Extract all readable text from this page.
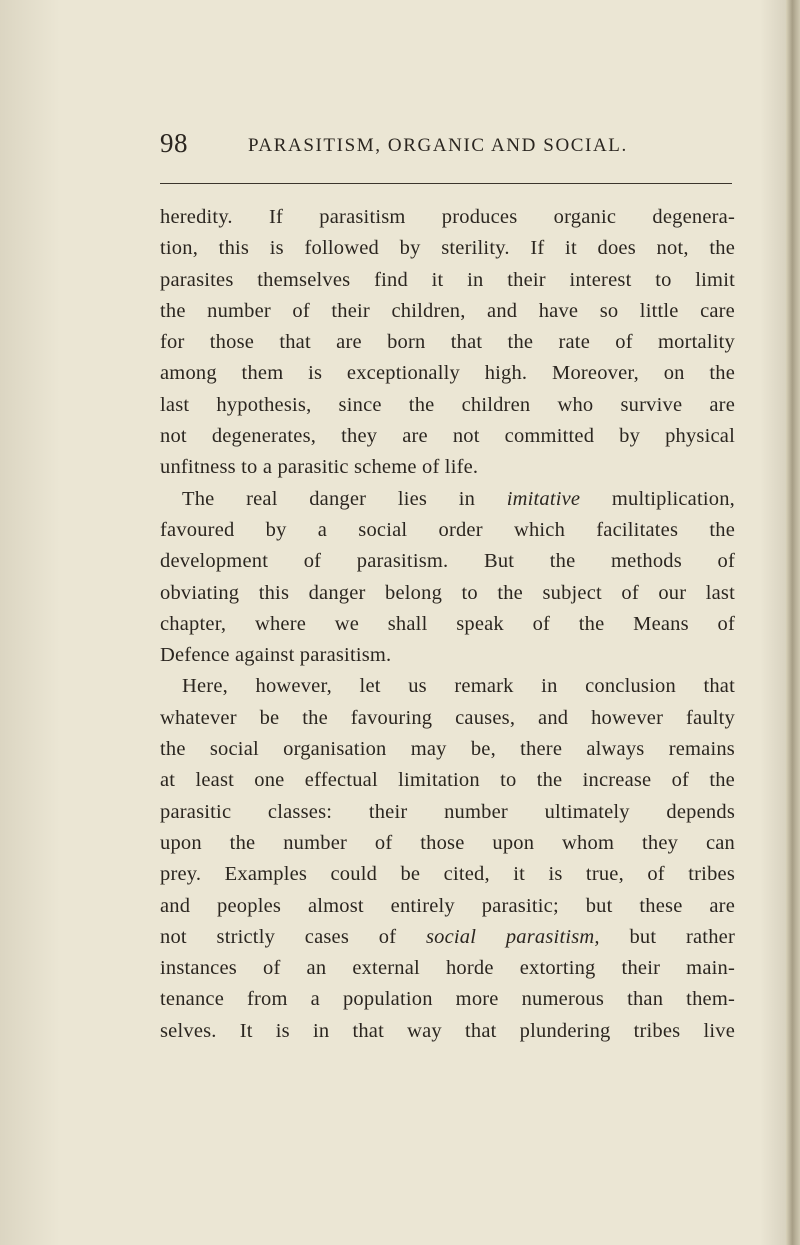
98	PARASITISM, ORGANIC AND SOCIAL.
heredity. If parasitism produces organic degenera-
tion, this is followed by sterility. If it does not, the
parasites themselves find it in their interest to limit
the number of their children, and have so little care
for those that are born that the rate of mortality
among them is exceptionally high. Moreover, on the
last hypothesis, since the children who survive are
not degenerates, they are not committed by physical
unfitness to a parasitic scheme of life.
The real danger lies in imitative multiplication,
favoured by a social order which facilitates the
development of parasitism. But the methods of
obviating this danger belong to the subject of our last
chapter, where we shall speak of the Means of
Defence against parasitism.
Here, however, let us remark in conclusion that
whatever be the favouring causes, and however faulty
the social organisation may be, there always remains
at least one effectual limitation to the increase of the
parasitic classes: their number ultimately depends
upon the number of those upon whom they can
prey. Examples could be cited, it is true, of tribes
and peoples almost entirely parasitic; but these are
not strictly cases of social parasitism, but rather
instances of an external horde extorting their main-
tenance from a population more numerous than them-
selves. It is in that way that plundering tribes live
